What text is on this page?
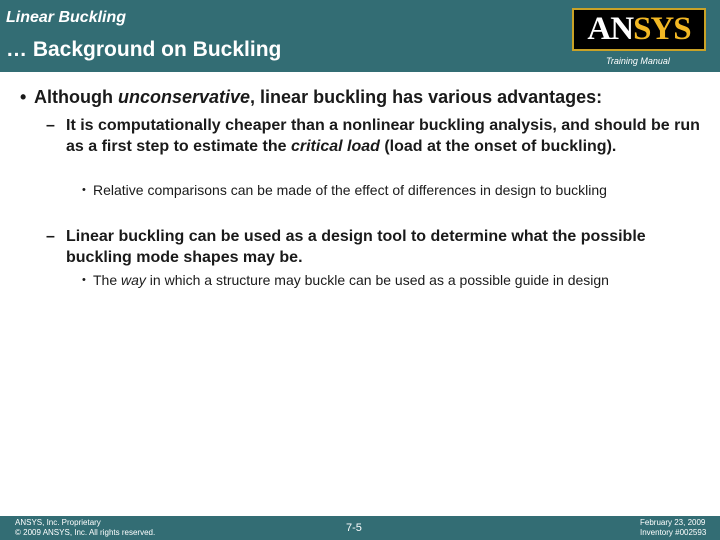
Linear Buckling
… Background on Buckling
ANSYS
Training Manual
• Although unconservative, linear buckling has various advantages:
– It is computationally cheaper than a nonlinear buckling analysis, and should be run as a first step to estimate the critical load (load at the onset of buckling).
• Relative comparisons can be made of the effect of differences in design to buckling
– Linear buckling can be used as a design tool to determine what the possible buckling mode shapes may be.
• The way in which a structure may buckle can be used as a possible guide in design
ANSYS, Inc. Proprietary
© 2009 ANSYS, Inc. All rights reserved.	7-5	February 23, 2009
Inventory #002593
